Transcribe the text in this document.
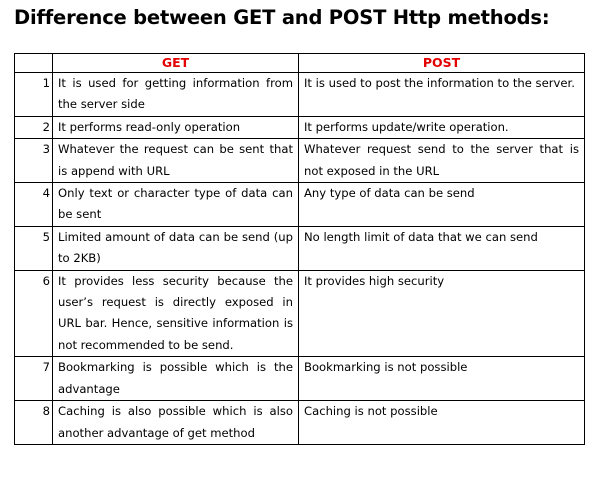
Difference between GET and POST Http methods:
	GET	POST
1	It is used for getting information from the server side	It is used to post the information to the server.
2	It performs read-only operation	It performs update/write operation.
3	Whatever the request can be sent that is append with URL	Whatever request send to the server that is not exposed in the URL
4	Only text or character type of data can be sent	Any type of data can be send
5	Limited amount of data can be send (up to 2KB)	No length limit of data that we can send
6	It provides less security because the user’s request is directly exposed in URL bar. Hence, sensitive information is not recommended to be send.	It provides high security
7	Bookmarking is possible which is the advantage	Bookmarking is not possible
8	Caching is also possible which is also another advantage of get method	Caching is not possible
